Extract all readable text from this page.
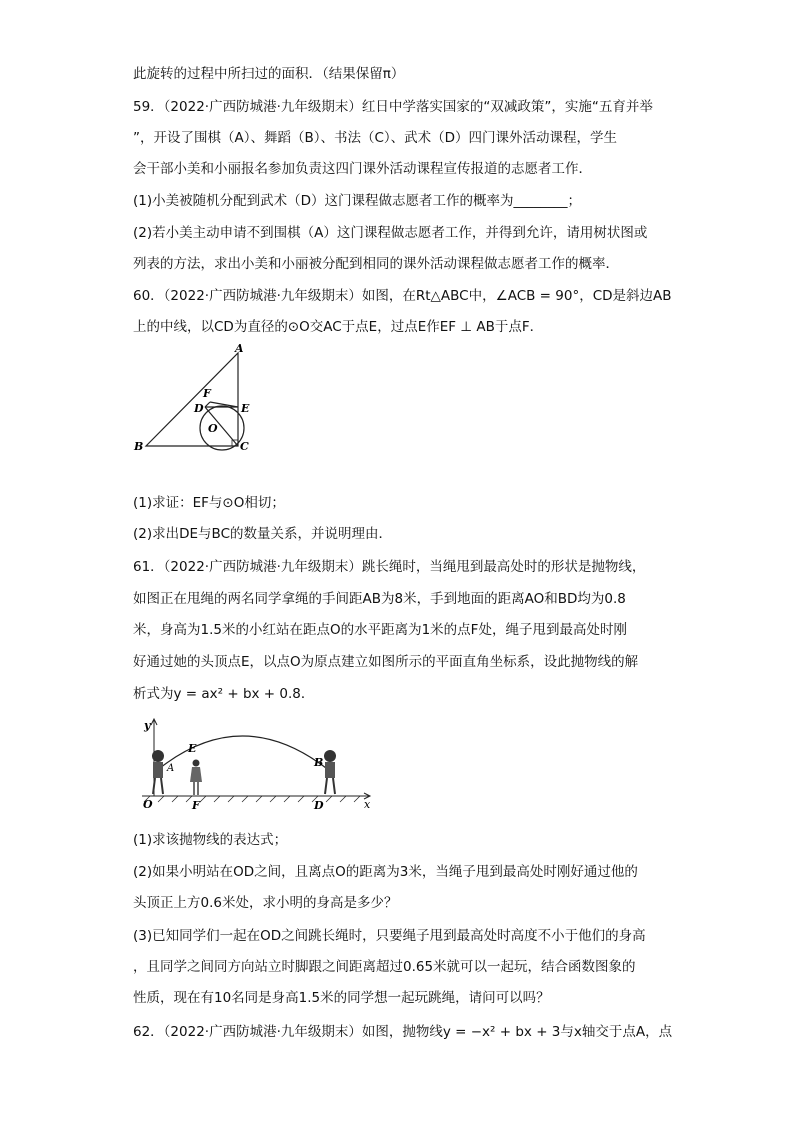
此旋转的过程中所扫过的面积．（结果保留π）
59．（2022·广西防城港·九年级期末）红日中学落实国家的“双减政策”，实施“五育并举
”，开设了围棋（A）、舞蹈（B）、书法（C）、武术（D）四门课外活动课程，学生
会干部小美和小丽报名参加负责这四门课外活动课程宣传报道的志愿者工作．
(1)小美被随机分配到武术（D）这门课程做志愿者工作的概率为________；
(2)若小美主动申请不到围棋（A）这门课程做志愿者工作，并得到允许，请用树状图或
列表的方法，求出小美和小丽被分配到相同的课外活动课程做志愿者工作的概率．
60．（2022·广西防城港·九年级期末）如图，在Rt△ABC中，∠ACB = 90°，CD是斜边AB
上的中线，以CD为直径的⊙O交AC于点E，过点E作EF ⊥ AB于点F．
A
B	C
D	E
F
O
(1)求证：EF与⊙O相切；
(2)求出DE与BC的数量关系，并说明理由．
61．（2022·广西防城港·九年级期末）跳长绳时，当绳甩到最高处时的形状是抛物线，
如图正在甩绳的两名同学拿绳的手间距AB为8米，手到地面的距离AO和BD均为0.8
米，身高为1.5米的小红站在距点O的水平距离为1米的点F处，绳子甩到最高处时刚
好通过她的头顶点E，以点O为原点建立如图所示的平面直角坐标系，设此抛物线的解
析式为y = ax² + bx + 0.8．
y
x
O	F	D
E
A	B
(1)求该抛物线的表达式；
(2)如果小明站在OD之间，且离点O的距离为3米，当绳子甩到最高处时刚好通过他的
头顶正上方0.6米处，求小明的身高是多少？
(3)已知同学们一起在OD之间跳长绳时，只要绳子甩到最高处时高度不小于他们的身高
，且同学之间同方向站立时脚跟之间距离超过0.65米就可以一起玩，结合函数图象的
性质，现在有10名同是身高1.5米的同学想一起玩跳绳，请问可以吗？
62．（2022·广西防城港·九年级期末）如图，抛物线y = −x² + bx + 3与x轴交于点A，点
